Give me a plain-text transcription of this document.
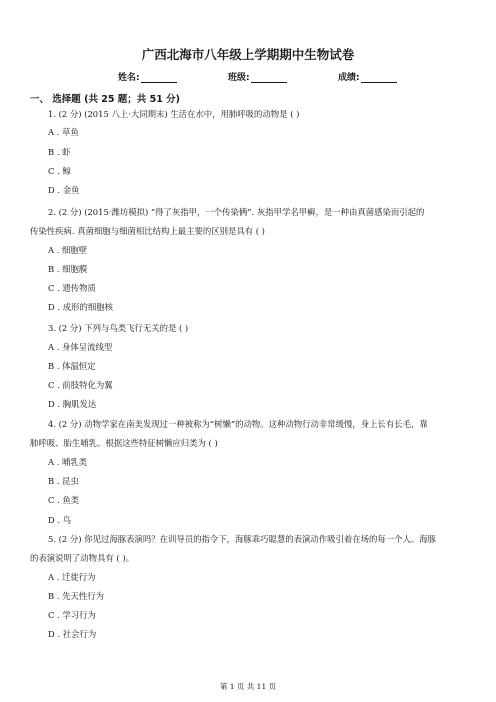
广西北海市八年级上学期期中生物试卷
姓名:	班级:	成绩:
一、 选择题 (共 25 题；共 51 分)
1. (2 分) (2015 八上·大同期末) 生活在水中，用肺呼吸的动物是 ( )
A . 草鱼
B . 虾
C . 鲸
D . 金鱼
2. (2 分) (2015·潍坊模拟) “得了灰指甲，一个传染俩”. 灰指甲学名甲癣，是一种由真菌感染而引起的
传染性疾病. 真菌细胞与细菌相比结构上最主要的区别是具有 ( )
A . 细胞壁
B . 细胞膜
C . 遗传物质
D . 成形的细胞核
3. (2 分) 下列与鸟类飞行无关的是 ( )
A . 身体呈流线型
B . 体温恒定
C . 前肢特化为翼
D . 胸肌发达
4. (2 分) 动物学家在南美发现过一种被称为“树懒”的动物。这种动物行动非常缓慢，身上长有长毛，靠
肺呼吸、胎生哺乳。根据这些特征树懒应归类为 ( )
A . 哺乳类
B . 昆虫
C . 鱼类
D . 鸟
5. (2 分) 你见过海豚表演吗？在训导员的指令下，海豚乖巧聪慧的表演动作吸引着在场的每一个人。海豚
的表演说明了动物具有 ( )。
A . 迁徙行为
B . 先天性行为
C . 学习行为
D . 社会行为
第 1 页 共 11 页
